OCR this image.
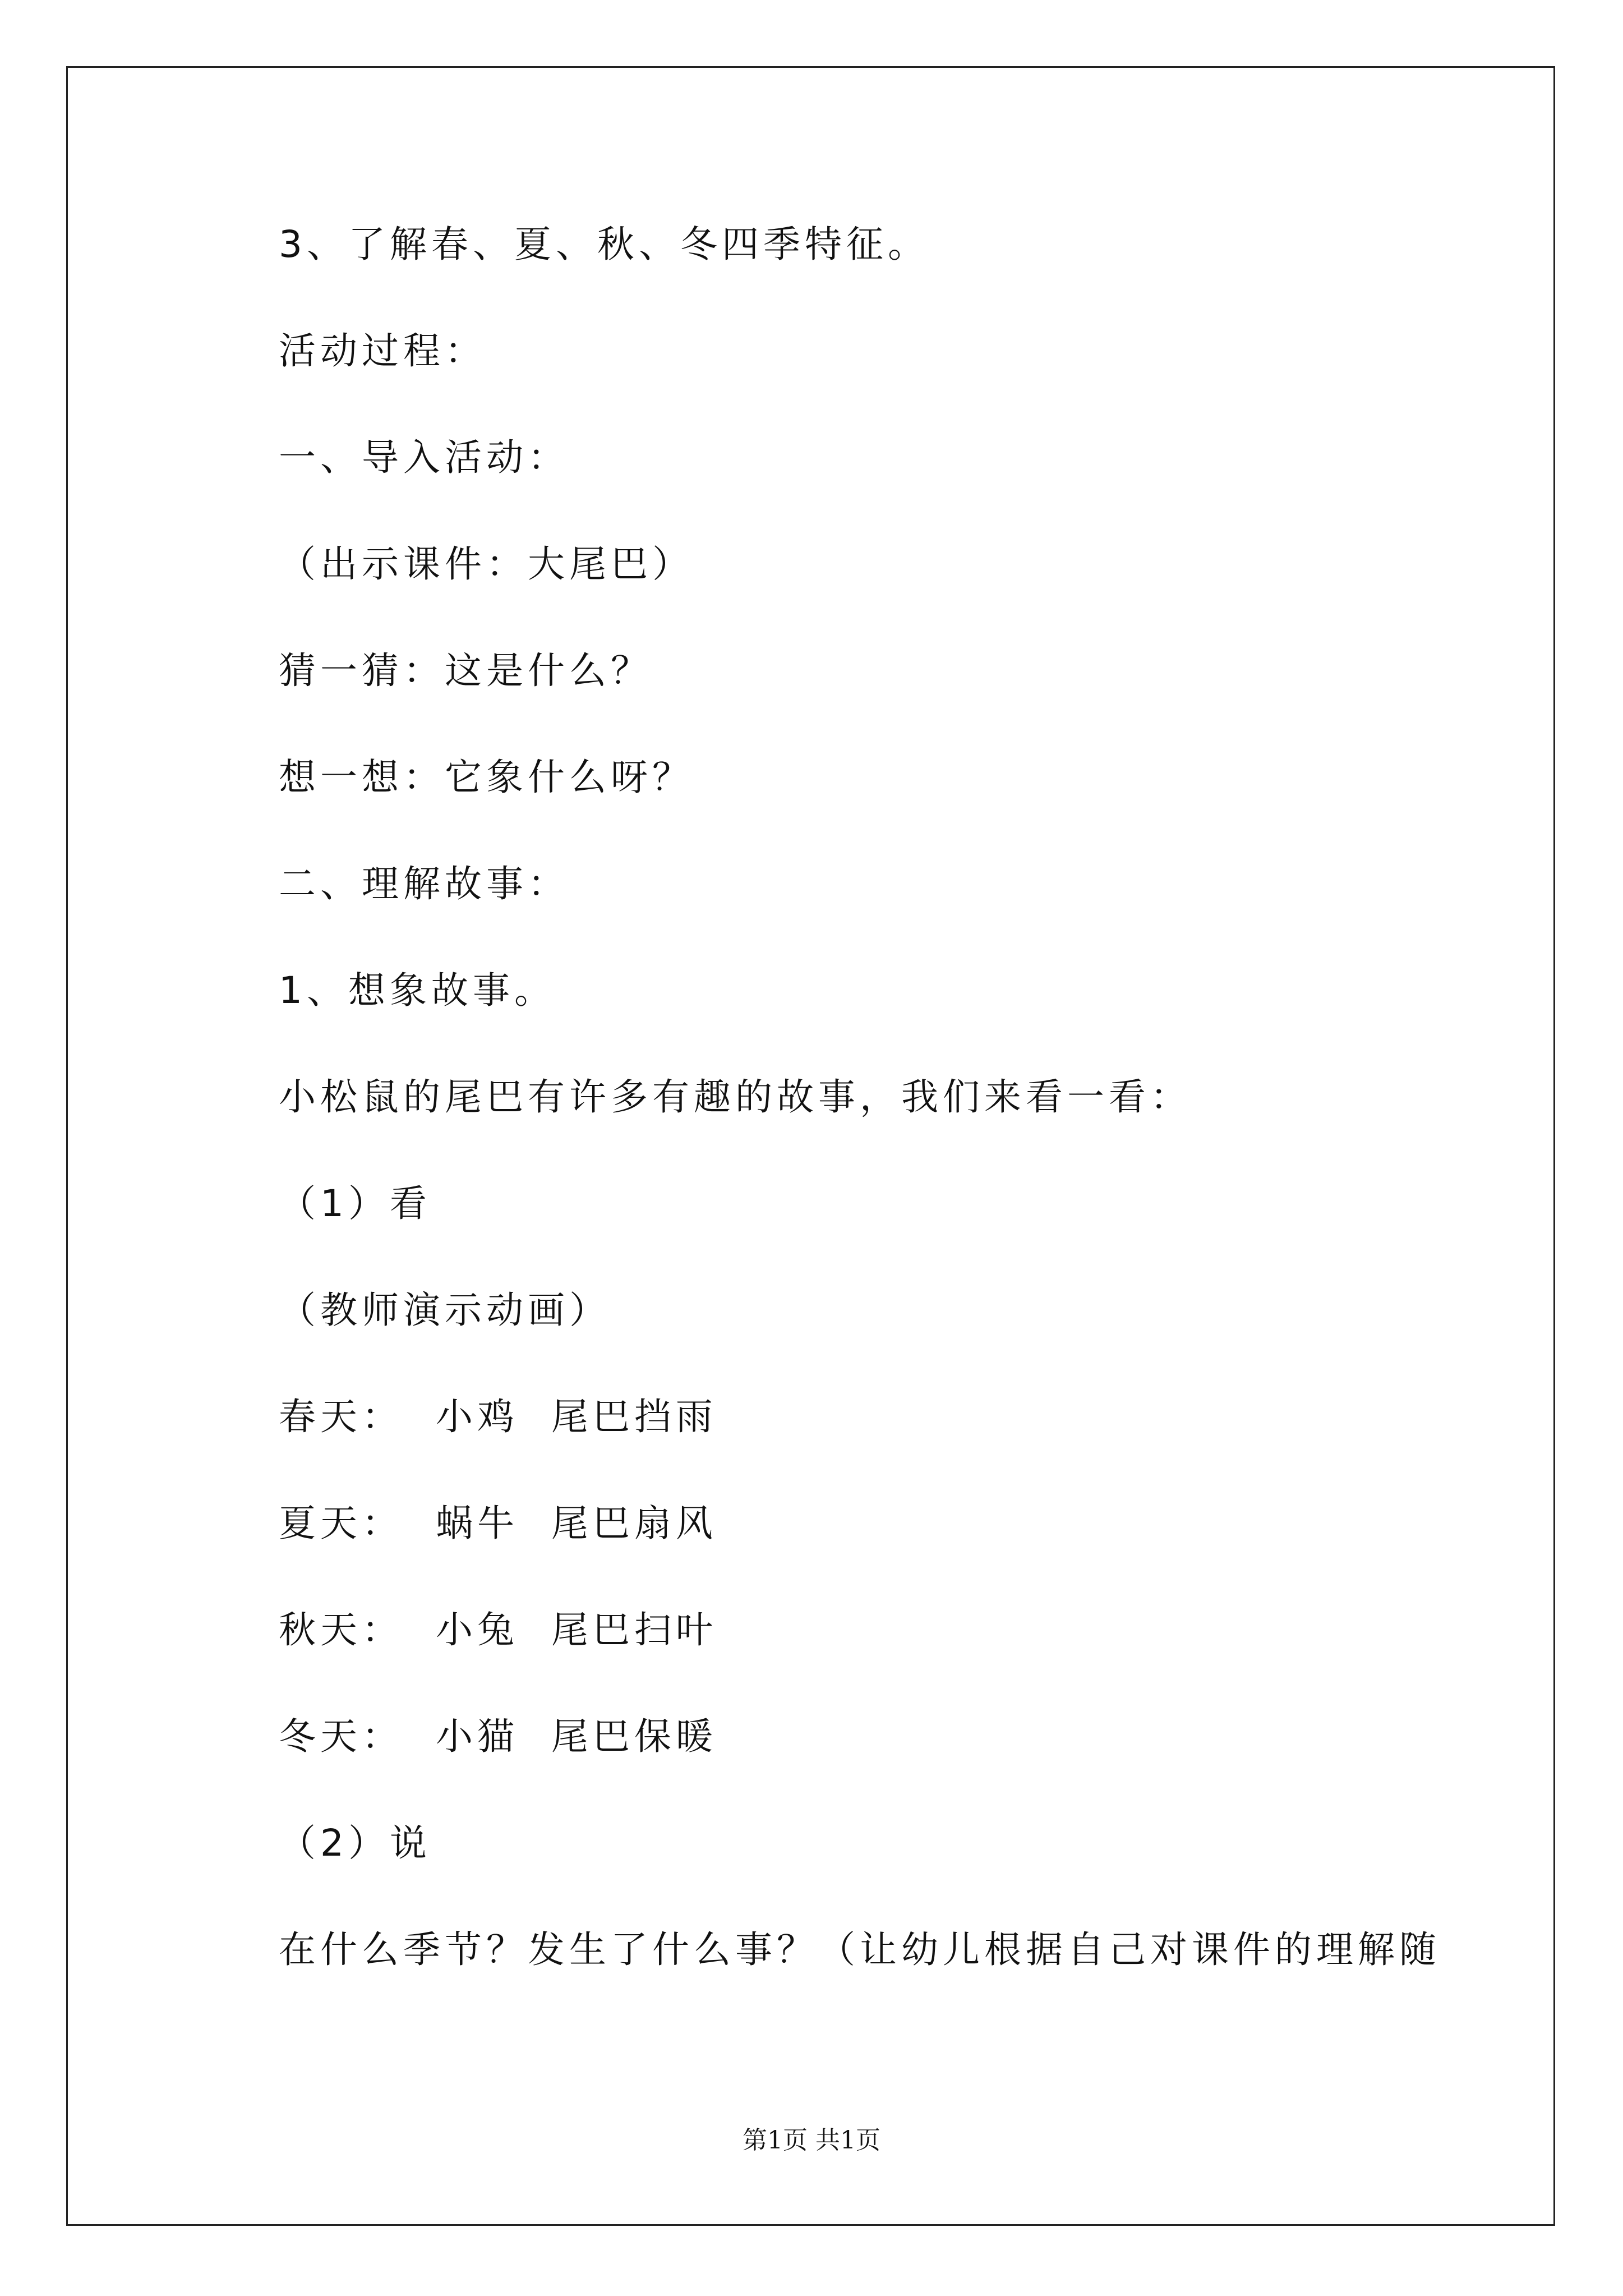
3、了解春、夏、秋、冬四季特征。
活动过程：
一、导入活动：
（出示课件：大尾巴）
猜一猜：这是什么？
想一想：它象什么呀？
二、理解故事：
1、想象故事。
小松鼠的尾巴有许多有趣的故事，我们来看一看：
（1）看
（教师演示动画）
春天：  小鸡  尾巴挡雨
夏天：  蜗牛  尾巴扇风
秋天：  小兔  尾巴扫叶
冬天：  小猫  尾巴保暖
（2）说
在什么季节？发生了什么事？（让幼儿根据自己对课件的理解随
第1页 共1页
